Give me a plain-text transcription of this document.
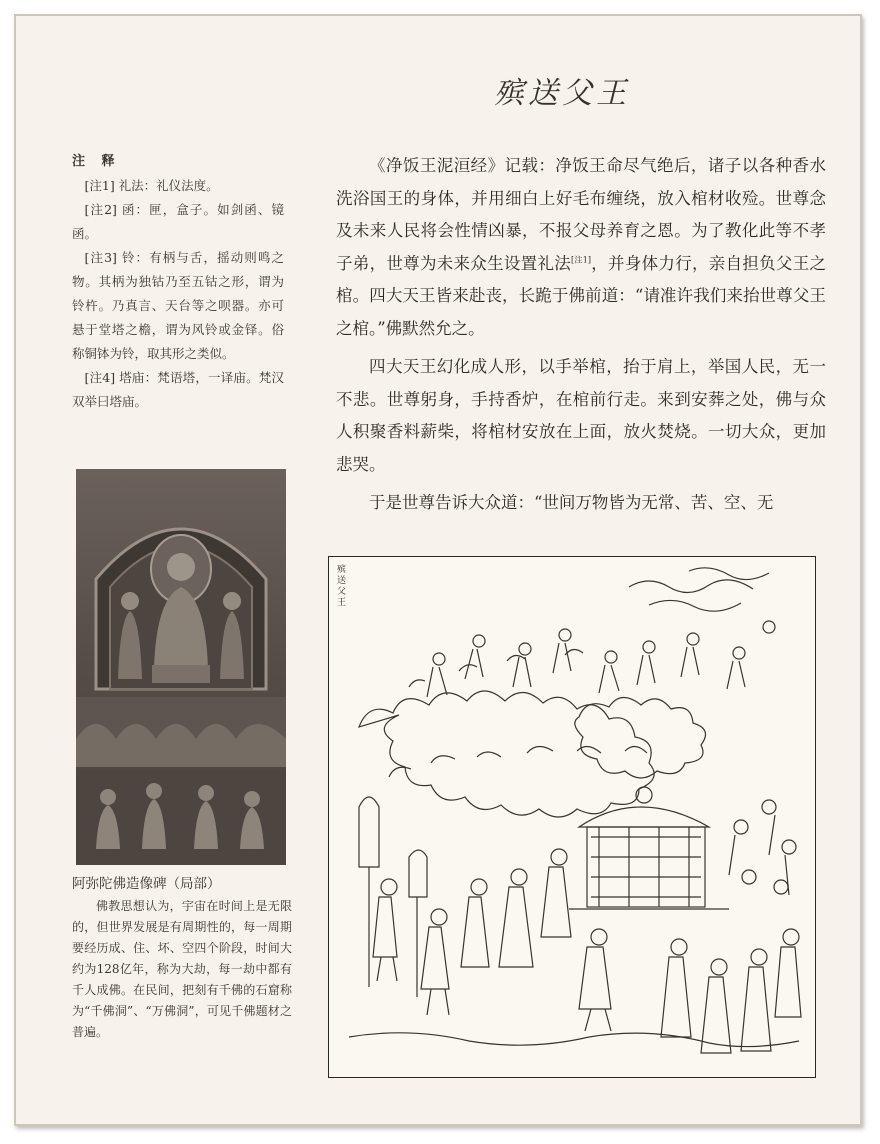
殡送父王
注 释
[注1] 礼法：礼仪法度。
[注2] 函：匣，盒子。如剑函、镜函。
[注3] 铃：有柄与舌，摇动则鸣之物。其柄为独钴乃至五钴之形，谓为铃杵。乃真言、天台等之呗器。亦可悬于堂塔之檐，谓为风铃或金铎。俗称铜钵为铃，取其形之类似。
[注4] 塔庙：梵语塔，一译庙。梵汉双举曰塔庙。
阿弥陀佛造像碑（局部）
佛教思想认为，宇宙在时间上是无限的，但世界发展是有周期性的，每一周期要经历成、住、坏、空四个阶段，时间大约为128亿年，称为大劫，每一劫中都有千人成佛。在民间，把刻有千佛的石窟称为“千佛洞”、“万佛洞”，可见千佛题材之普遍。

《净饭王泥洹经》记载：净饭王命尽气绝后，诸子以各种香水洗浴国王的身体，并用细白上好毛布缠绕，放入棺材收殓。世尊念及未来人民将会性情凶暴，不报父母养育之恩。为了教化此等不孝子弟，世尊为未来众生设置礼法[注1]，并身体力行，亲自担负父王之棺。四大天王皆来赴丧，长跪于佛前道：“请准许我们来抬世尊父王之棺。”佛默然允之。

四大天王幻化成人形，以手举棺，抬于肩上，举国人民，无一不悲。世尊躬身，手持香炉，在棺前行走。来到安葬之处，佛与众人积聚香料薪柴，将棺材安放在上面，放火焚烧。一切大众，更加悲哭。

于是世尊告诉大众道：“世间万物皆为无常、苦、空、无

殡送父王
